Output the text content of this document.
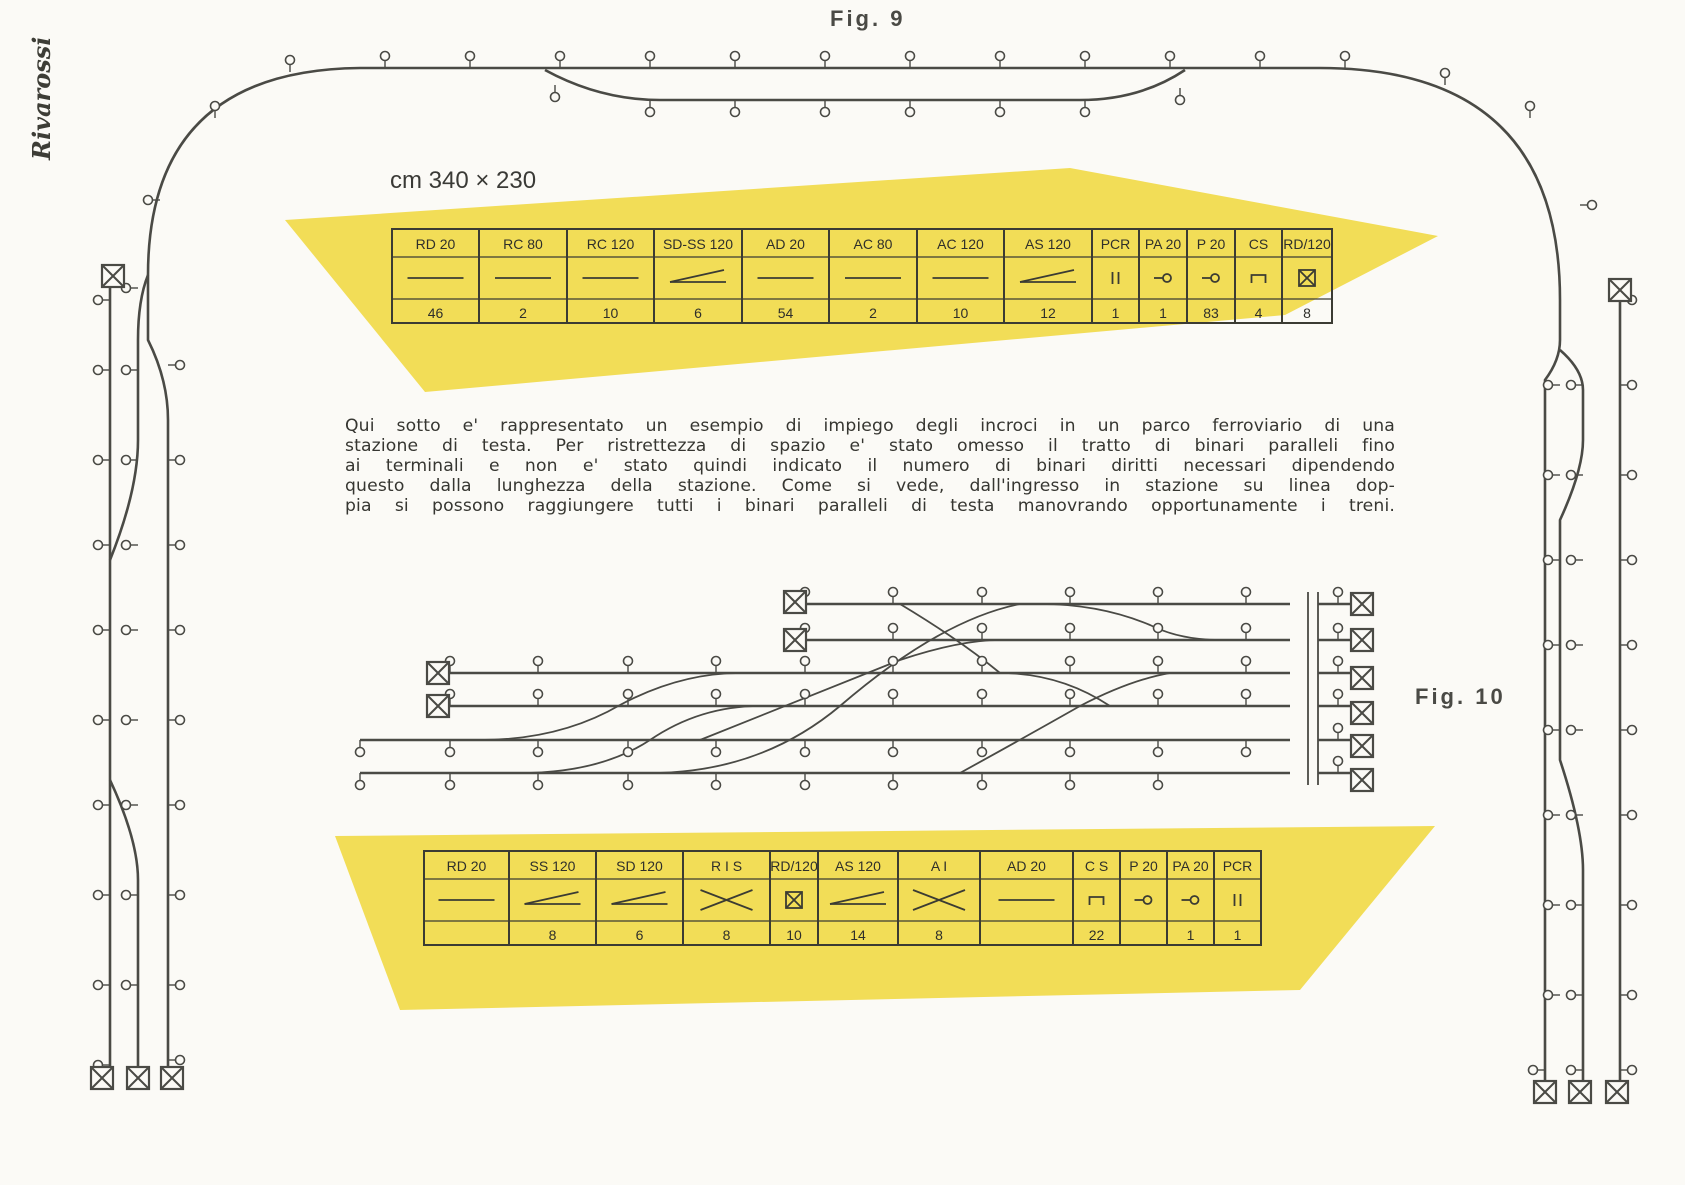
Rivarossi
Fig. 9
cm 340 × 230
Fig. 10
RD 20
46
RC 80
2
RC 120
10
SD-SS 120
6
AD 20
54
AC 80
2
AC 120
10
AS 120
12
PCR
1
PA 20
1
P 20
83
CS
4
RD/120
8
RD 20	SS 120
8
SD 120
6
R I S
8
RD/120
10
AS 120
14
A I
8
AD 20	C S
22
P 20 PA 20
1
PCR
1

Qui sotto e' rappresentato un esempio di impiego degli incroci in un parco ferroviario di una
stazione di testa. Per ristrettezza di spazio e' stato omesso il tratto di binari paralleli fino
ai terminali e non e' stato quindi indicato il numero di binari diritti necessari dipendendo
questo dalla lunghezza della stazione. Come si vede, dall'ingresso in stazione su linea dop-
pia si possono raggiungere tutti i binari paralleli di testa manovrando opportunamente i treni.
